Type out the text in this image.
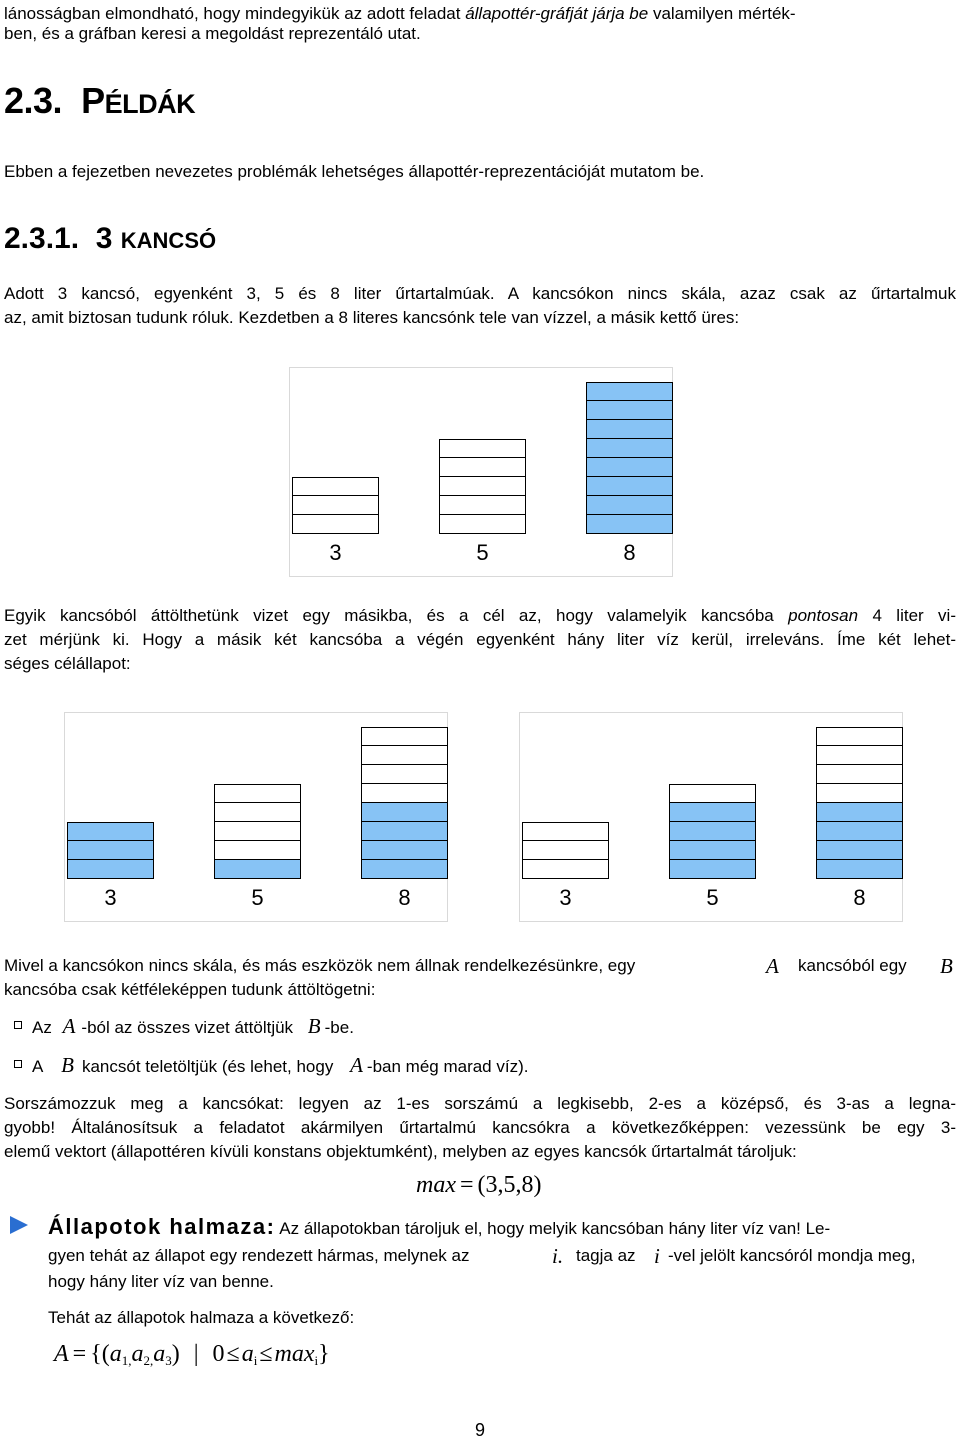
lánosságban elmondható, hogy mindegyikük az adott feladat állapottér-gráfját járja be valamilyen mérték-

ben, és a gráfban keresi a megoldást reprezentáló utat.

2.3. PÉLDÁK

Ebben a fejezetben nevezetes problémák lehetséges állapottér-reprezentációját mutatom be.

2.3.1. 3 KANCSÓ

Adott 3 kancsó, egyenként 3, 5 és 8 liter űrtartalmúak. A kancsókon nincs skála, azaz csak az űrtartalmuk

az, amit biztosan tudunk róluk. Kezdetben a 8 literes kancsónk tele van vízzel, a másik kettő üres:

3	5	8

Egyik kancsóból áttölthetünk vizet egy másikba, és a cél az, hogy valamelyik kancsóba pontosan 4 liter vi-

zet mérjünk ki. Hogy a másik két kancsóba a végén egyenként hány liter víz kerül, irreleváns. Íme két lehet-

séges célállapot:

3	5	8	3	5	8
Mivel a kancsókon nincs skála, és más eszközök nem állnak rendelkezésünkre, egy	A kancsóból egy B

kancsóba csak kétféleképpen tudunk áttöltögetni:

Az A -ból az összes vizet áttöltjük B -be.
A B kancsót teletöltjük (és lehet, hogy A -ban még marad víz).

Sorszámozzuk meg a kancsókat: legyen az 1-es sorszámú a legkisebb, 2-es a középső, és 3-as a legna-

gyobb! Általánosítsuk a feladatot akármilyen űrtartalmú kancsókra a következőképpen: vezessünk be egy 3-

elemű vektort (állapottéren kívüli konstans objektumként), melyben az egyes kancsók űrtartalmát tároljuk:

max = (3,5,8)
Állapotok halmaza: Az állapotokban tároljuk el, hogy melyik kancsóban hány liter víz van! Le-
gyen tehát az állapot egy rendezett hármas, melynek az	i. tagja az i -vel jelölt kancsóról mondja meg,

hogy hány liter víz van benne.

Tehát az állapotok halmaza a következő:

$A = \{(a_{1,}a_{2,}a_3)$ | $0\le a_i\le\max_i$}
9
